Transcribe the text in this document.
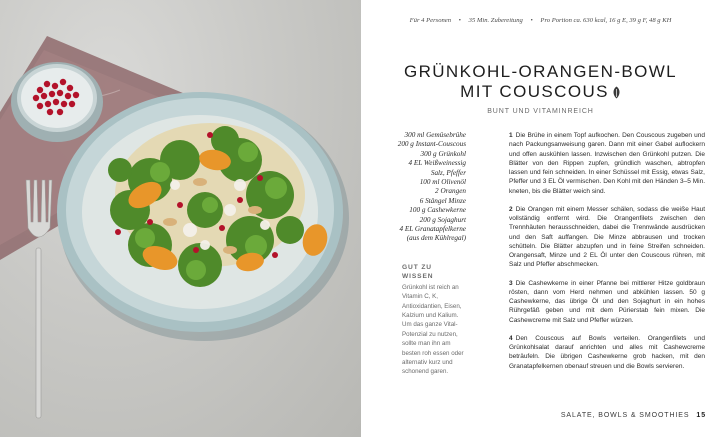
Für 4 Personen • 35 Min. Zubereitung • Pro Portion ca. 630 kcal, 16 g E, 39 g F, 48 g KH
GRÜNKOHL-ORANGEN-BOWL
MIT COUSCOUS
BUNT UND VITAMINREICH
300 ml Gemüsebrühe
200 g Instant-Couscous
300 g Grünkohl
4 EL Weißweinessig
Salz, Pfeffer
100 ml Olivenöl
2 Orangen
6 Stängel Minze
100 g Cashewkerne
200 g Sojaghurt
4 EL Granatapfelkerne
(aus dem Kühlregal)
GUT ZU WISSEN
Grünkohl ist reich an Vitamin C, K, Antioxidantien, Eisen, Kalzium und Kalium. Um das ganze Vital-Potenzial zu nutzen, sollte man ihn am besten roh essen oder alternativ kurz und schonend garen.
1 Die Brühe in einem Topf aufkochen. Den Couscous zugeben und nach Packungsanweisung garen. Dann mit einer Gabel auflockern und offen auskühlen lassen. Inzwischen den Grünkohl putzen. Die Blätter von den Rippen zupfen, gründlich waschen, abtropfen lassen und fein schneiden. In einer Schüssel mit Essig, etwas Salz, Pfeffer und 3 EL Öl vermischen. Den Kohl mit den Händen 3–5 Min. kneten, bis die Blätter weich sind.
2 Die Orangen mit einem Messer schälen, sodass die weiße Haut vollständig entfernt wird. Die Orangenfilets zwischen den Trennhäuten herausschneiden, dabei die Trennwände ausdrücken und den Saft auffangen. Die Minze abbrausen und trocken schütteln. Die Blätter abzupfen und in feine Streifen schneiden. Orangensaft, Minze und 2 EL Öl unter den Couscous rühren, mit Salz und Pfeffer abschmecken.
3 Die Cashewkerne in einer Pfanne bei mittlerer Hitze goldbraun rösten, dann vom Herd nehmen und abkühlen lassen. 50 g Cashewkerne, das übrige Öl und den Sojaghurt in ein hohes Rührgefäß geben und mit dem Pürierstab fein mixen. Die Cashewcreme mit Salz und Pfeffer würzen.
4 Den Couscous auf Bowls verteilen. Orangenfilets und Grünkohlsalat darauf anrichten und alles mit Cashewcreme beträufeln. Die übrigen Cashewkerne grob hacken, mit den Granatapfelkernen obenauf streuen und die Bowls servieren.
SALATE, BOWLS & SMOOTHIES 15
